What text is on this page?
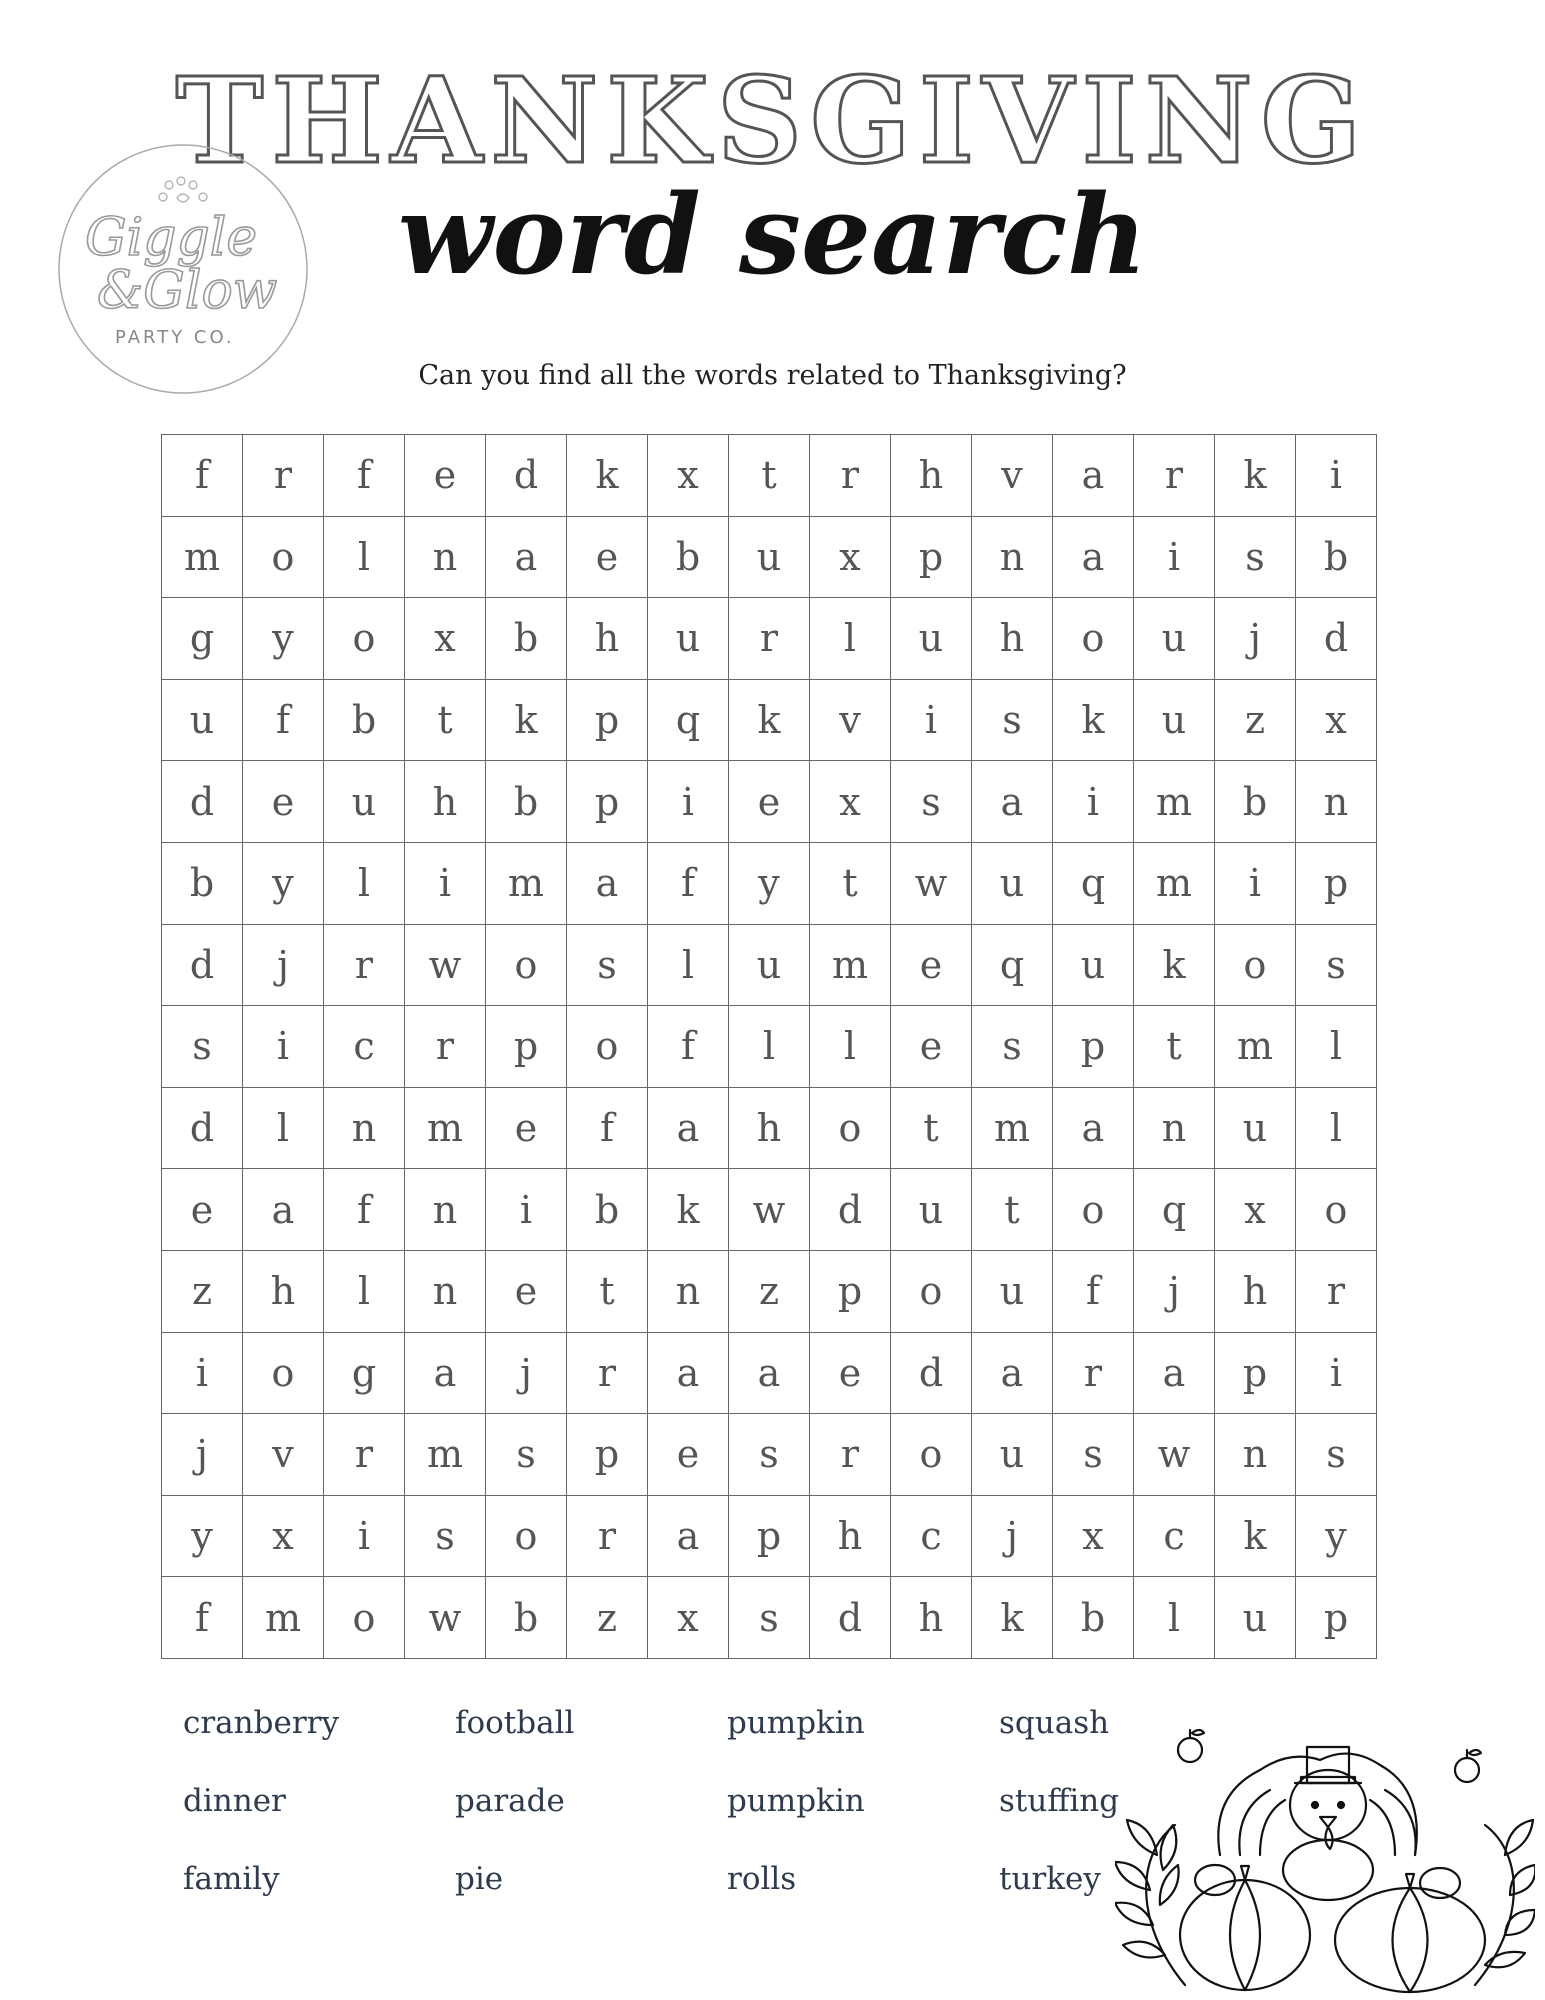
THANKSGIVING
word search
Giggle
&Glow
PARTY CO.
Can you find all the words related to Thanksgiving?
f	r	f	e	d	k	x	t	r	h	v	a	r	k	i
m	o	l	n	a	e	b	u	x	p	n	a	i	s	b
g	y	o	x	b	h	u	r	l	u	h	o	u	j	d
u	f	b	t	k	p	q	k	v	i	s	k	u	z	x
d	e	u	h	b	p	i	e	x	s	a	i	m	b	n
b	y	l	i	m	a	f	y	t	w	u	q	m	i	p
d	j	r	w	o	s	l	u	m	e	q	u	k	o	s
s	i	c	r	p	o	f	l	l	e	s	p	t	m	l
d	l	n	m	e	f	a	h	o	t	m	a	n	u	l
e	a	f	n	i	b	k	w	d	u	t	o	q	x	o
z	h	l	n	e	t	n	z	p	o	u	f	j	h	r
i	o	g	a	j	r	a	a	e	d	a	r	a	p	i
j	v	r	m	s	p	e	s	r	o	u	s	w	n	s
y	x	i	s	o	r	a	p	h	c	j	x	c	k	y
f	m	o	w	b	z	x	s	d	h	k	b	l	u	p
cranberry	football	pumpkin	squash
dinner	parade	pumpkin	stuffing
family	pie	rolls	turkey
